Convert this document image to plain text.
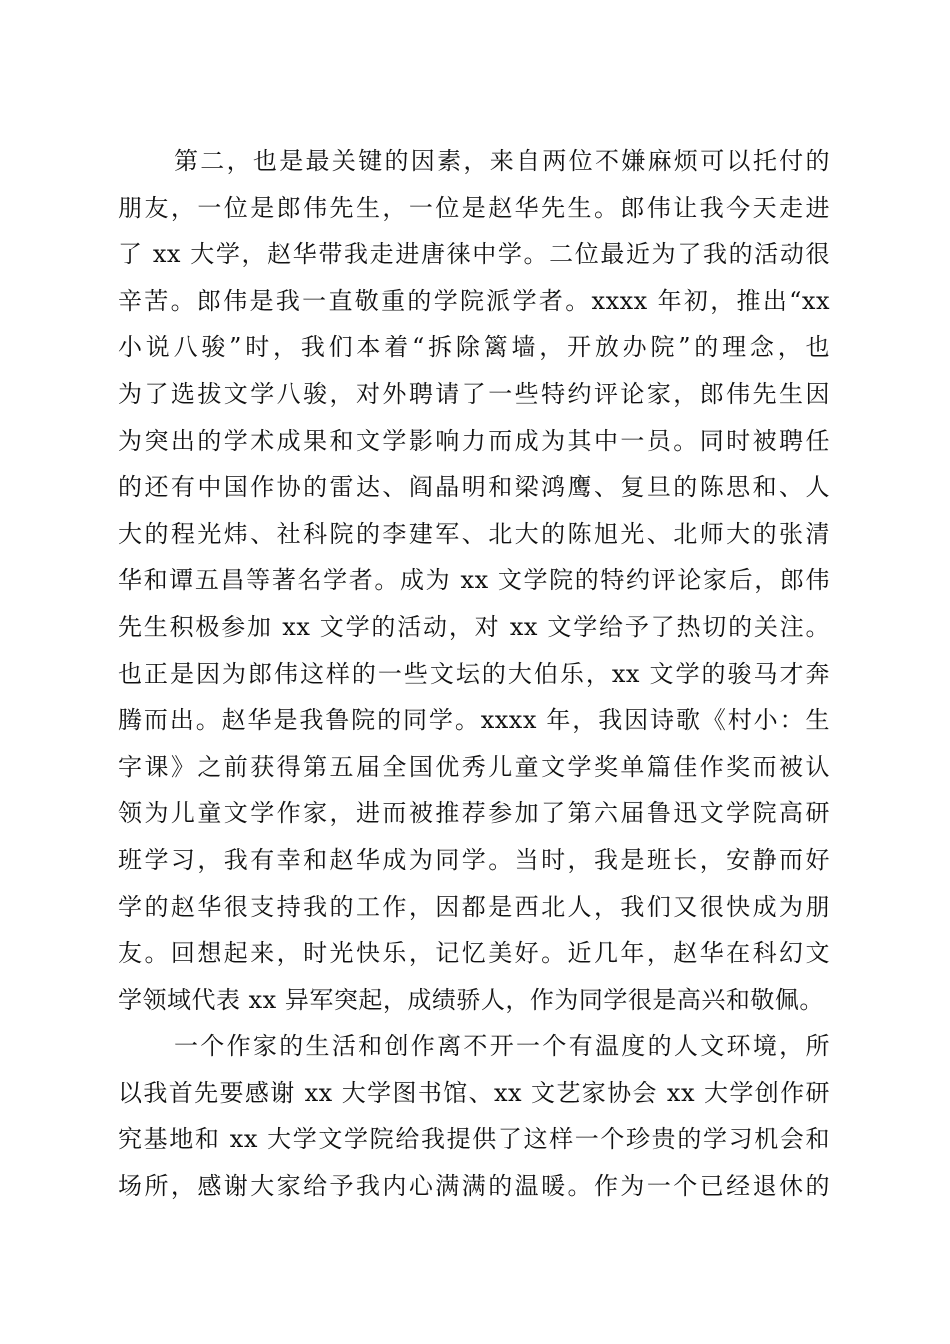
第二，也是最关键的因素，来自两位不嫌麻烦可以托付的
朋友，一位是郎伟先生，一位是赵华先生。郎伟让我今天走进
了 xx 大学，赵华带我走进唐徕中学。二位最近为了我的活动很
辛苦。郎伟是我一直敬重的学院派学者。xxxx 年初，推出“xx
小说八骏”时，我们本着“拆除篱墙，开放办院”的理念，也
为了选拔文学八骏，对外聘请了一些特约评论家，郎伟先生因
为突出的学术成果和文学影响力而成为其中一员。同时被聘任
的还有中国作协的雷达、阎晶明和梁鸿鹰、复旦的陈思和、人
大的程光炜、社科院的李建军、北大的陈旭光、北师大的张清
华和谭五昌等著名学者。成为 xx 文学院的特约评论家后，郎伟
先生积极参加 xx 文学的活动，对 xx 文学给予了热切的关注。
也正是因为郎伟这样的一些文坛的大伯乐，xx 文学的骏马才奔
腾而出。赵华是我鲁院的同学。xxxx 年，我因诗歌《村小：生
字课》之前获得第五届全国优秀儿童文学奖单篇佳作奖而被认
领为儿童文学作家，进而被推荐参加了第六届鲁迅文学院高研
班学习，我有幸和赵华成为同学。当时，我是班长，安静而好
学的赵华很支持我的工作，因都是西北人，我们又很快成为朋
友。回想起来，时光快乐，记忆美好。近几年，赵华在科幻文
学领域代表 xx 异军突起，成绩骄人，作为同学很是高兴和敬佩。
一个作家的生活和创作离不开一个有温度的人文环境，所
以我首先要感谢 xx 大学图书馆、xx 文艺家协会 xx 大学创作研
究基地和 xx 大学文学院给我提供了这样一个珍贵的学习机会和
场所，感谢大家给予我内心满满的温暖。作为一个已经退休的
